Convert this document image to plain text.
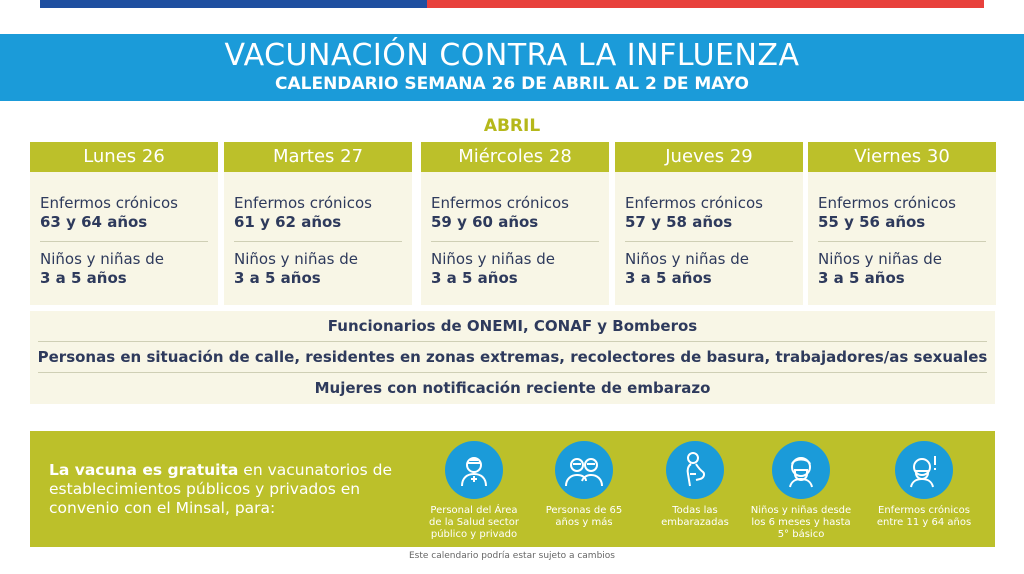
VACUNACIÓN CONTRA LA INFLUENZA
CALENDARIO SEMANA 26 DE ABRIL AL 2 DE MAYO
ABRIL
Lunes 26
Enfermos crónicos
63 y 64 años
Niños y niñas de
3 a 5 años
Martes 27
Enfermos crónicos
61 y 62 años
Niños y niñas de
3 a 5 años
Miércoles 28
Enfermos crónicos
59 y 60 años
Niños y niñas de
3 a 5 años
Jueves 29
Enfermos crónicos
57 y 58 años
Niños y niñas de
3 a 5 años
Viernes 30
Enfermos crónicos
55 y 56 años
Niños y niñas de
3 a 5 años
Funcionarios de ONEMI, CONAF y Bomberos
Personas en situación de calle, residentes en zonas extremas, recolectores de basura, trabajadores/as sexuales
Mujeres con notificación reciente de embarazo
La vacuna es gratuita en vacunatorios de establecimientos públicos y privados en convenio con el Minsal, para:	Personal del Área de la Salud sector público y privado
Personas de 65 años y más
Todas las embarazadas
Niños y niñas desde los 6 meses y hasta 5° básico
Enfermos crónicos entre 11 y 64 años
Este calendario podría estar sujeto a cambios
